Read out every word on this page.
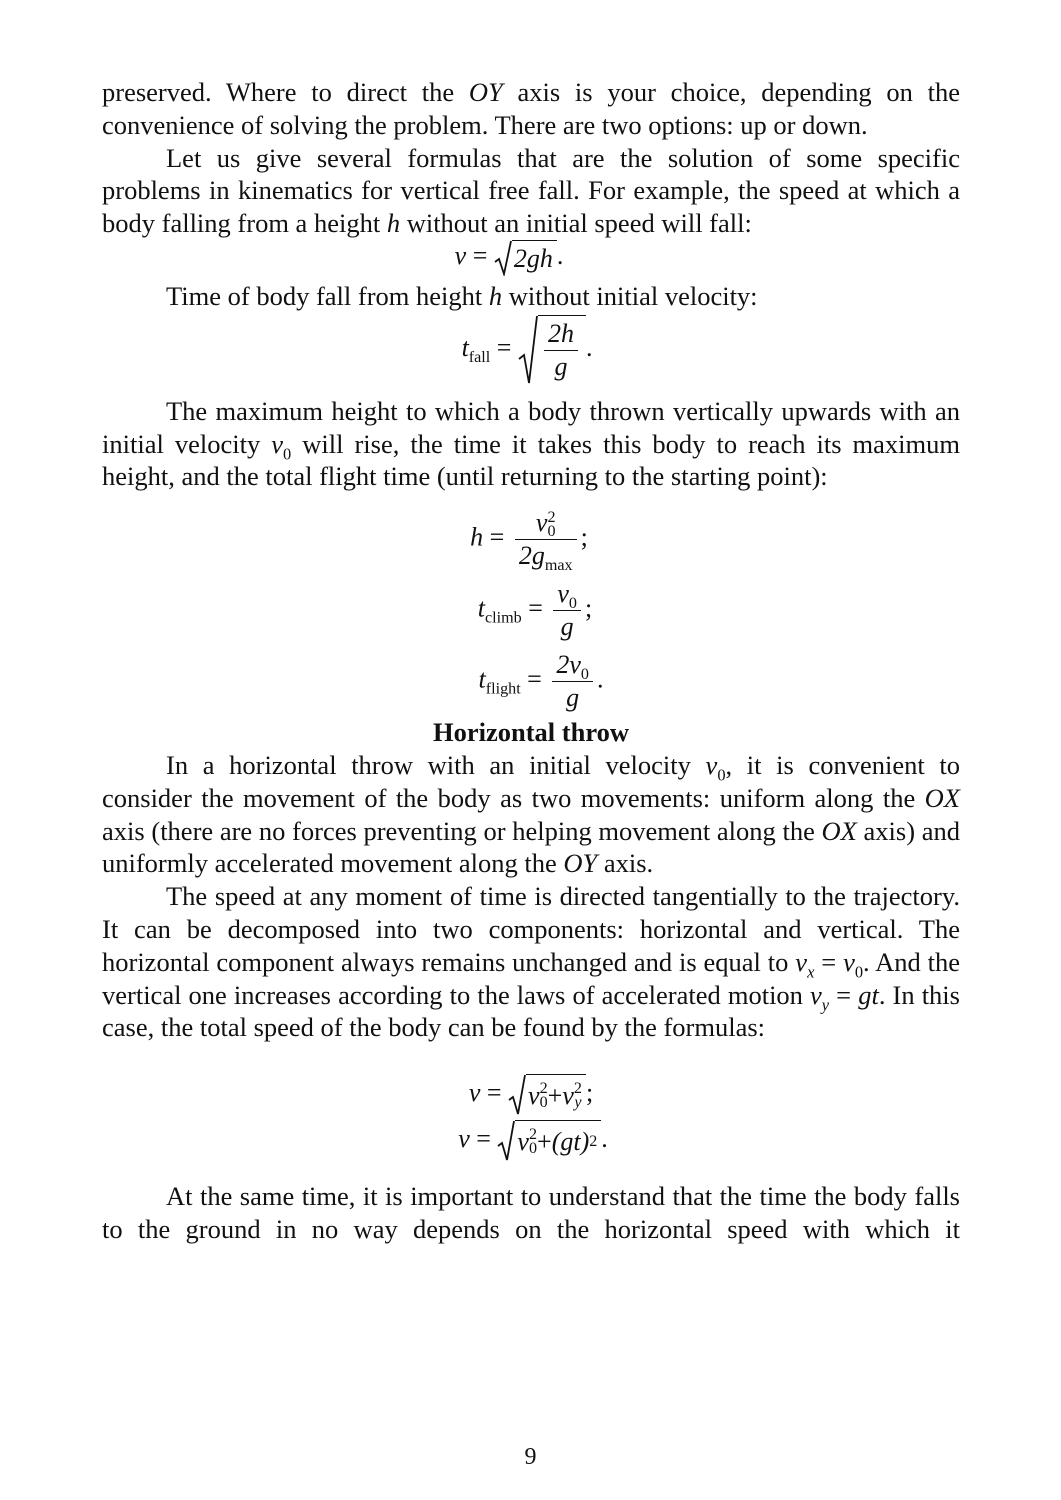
preserved. Where to direct the OY axis is your choice, depending on the convenience of solving the problem. There are two options: up or down.

Let us give several formulas that are the solution of some specific problems in kinematics for vertical free fall. For example, the speed at which a body falling from a height h without an initial speed will fall:

v = 2gh .

Time of body fall from height h without initial velocity:

$t_{fall} = \frac{2h}{g}$ .

The maximum height to which a body thrown vertically upwards with an initial velocity $v_0$ will rise, the time it takes this body to reach its maximum height, and the total flight time (until returning to the starting point):

h = v 2
0
$2g_{max}$ ;
$t_{climb} = \frac{v_0}{g}$ ;
$t_{flight} = \frac{2v_0}{g}$ .
Horizontal throw

In a horizontal throw with an initial velocity $v_0$, it is convenient to consider the movement of the body as two movements: uniform along the OX axis (there are no forces preventing or helping movement along the OX axis) and uniformly accelerated movement along the OY axis.

The speed at any moment of time is directed tangentially to the trajectory. It can be decomposed into two components: horizontal and vertical. The horizontal component always remains unchanged and is equal to $v_x = v_0$. And the vertical one increases according to the laws of accelerated motion $v_y$ = gt. In this case, the total speed of the body can be found by the formulas:

v = v 2
0 + v 2
y ;
v = v 2
0 + (gt) 2 .

At the same time, it is important to understand that the time the body falls to the ground in no way depends on the horizontal speed with which it

9
